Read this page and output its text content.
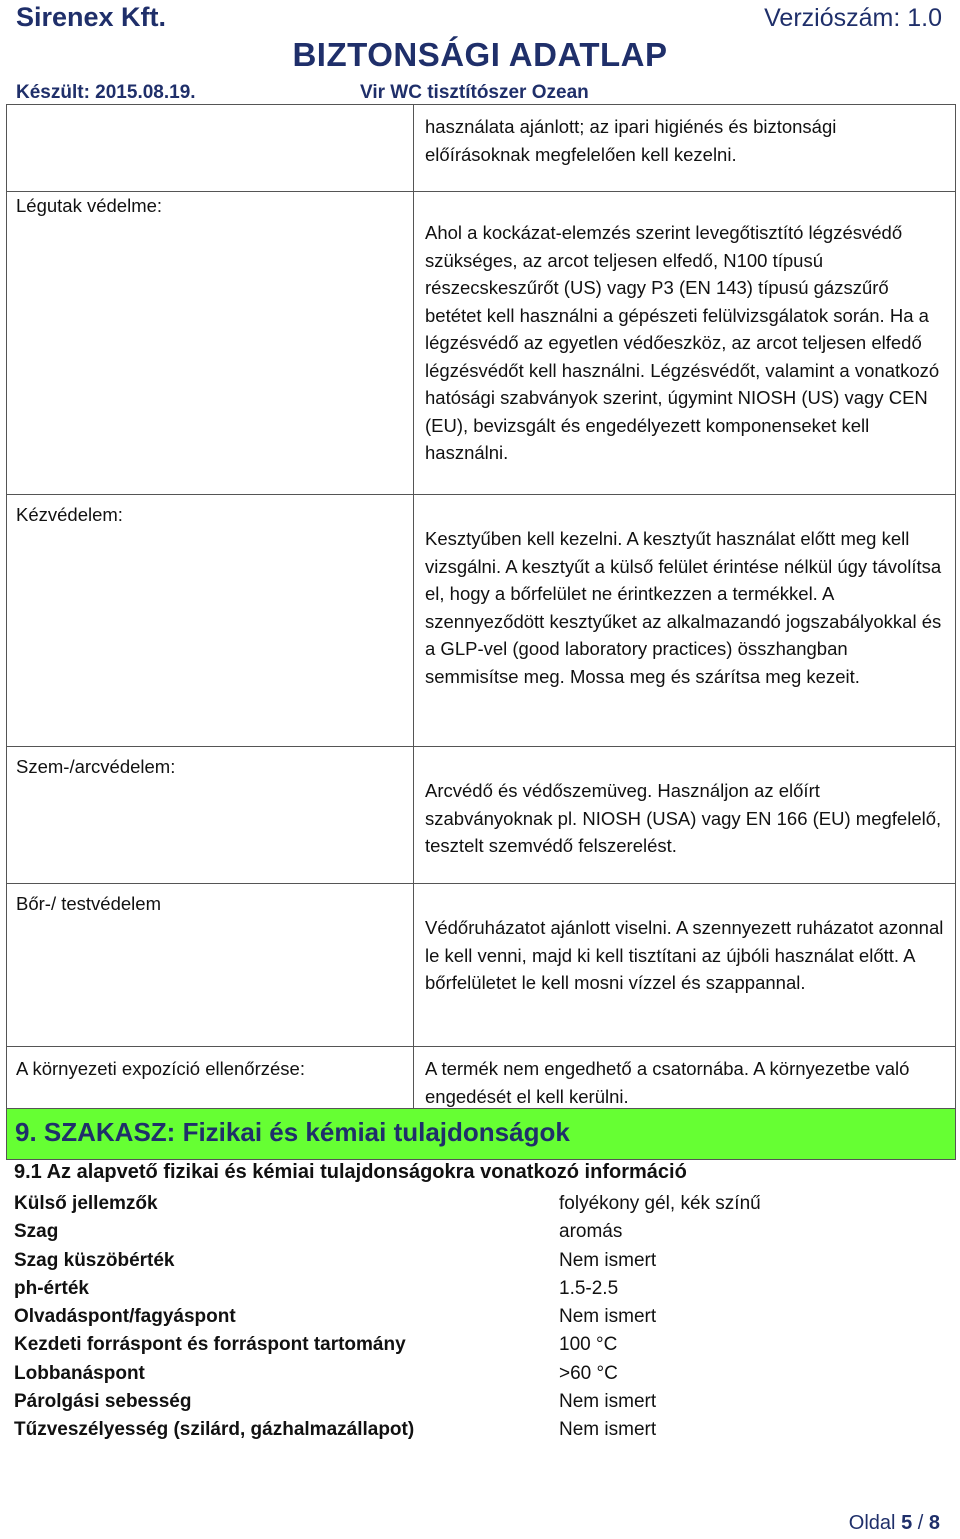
Sirenex Kft.	Verziószám: 1.0
BIZTONSÁGI ADATLAP
Készült: 2015.08.19.	Vir WC tisztítószer Ozean
	használata ajánlott; az ipari higiénés és biztonsági előírásoknak megfelelően kell kezelni.
Légutak védelme:	Ahol a kockázat-elemzés szerint levegőtisztító légzésvédő szükséges, az arcot teljesen elfedő, N100 típusú részecskeszűrőt (US) vagy P3 (EN 143) típusú gázszűrő betétet kell használni a gépészeti felülvizsgálatok során. Ha a légzésvédő az egyetlen védőeszköz, az arcot teljesen elfedő légzésvédőt kell használni. Légzésvédőt, valamint a vonatkozó hatósági szabványok szerint, úgymint NIOSH (US) vagy CEN (EU), bevizsgált és engedélyezett komponenseket kell használni.
Kézvédelem:	Kesztyűben kell kezelni. A kesztyűt használat előtt meg kell vizsgálni. A kesztyűt a külső felület érintése nélkül úgy távolítsa el, hogy a bőrfelület ne érintkezzen a termékkel. A szennyeződött kesztyűket az alkalmazandó jogszabályokkal és a GLP-vel (good laboratory practices) összhangban semmisítse meg. Mossa meg és szárítsa meg kezeit.
Szem-/arcvédelem:	Arcvédő és védőszemüveg. Használjon az előírt szabványoknak pl. NIOSH (USA) vagy EN 166 (EU) megfelelő, tesztelt szemvédő felszerelést.
Bőr-/ testvédelem	Védőruházatot ajánlott viselni. A szennyezett ruházatot azonnal le kell venni, majd ki kell tisztítani az újbóli használat előtt. A bőrfelületet le kell mosni vízzel és szappannal.
A környezeti expozíció ellenőrzése:	A termék nem engedhető a csatornába. A környezetbe való engedését el kell kerülni.
9. SZAKASZ: Fizikai és kémiai tulajdonságok
9.1 Az alapvető fizikai és kémiai tulajdonságokra vonatkozó információ
Külső jellemzők	folyékony gél, kék színű
Szag	aromás
Szag küszöbérték	Nem ismert
ph-érték	1.5-2.5
Olvadáspont/fagyáspont	Nem ismert
Kezdeti forráspont és forráspont tartomány	100 °C
Lobbanáspont	>60 °C
Párolgási sebesség	Nem ismert
Tűzveszélyesség (szilárd, gázhalmazállapot)	Nem ismert
Oldal 5 / 8
